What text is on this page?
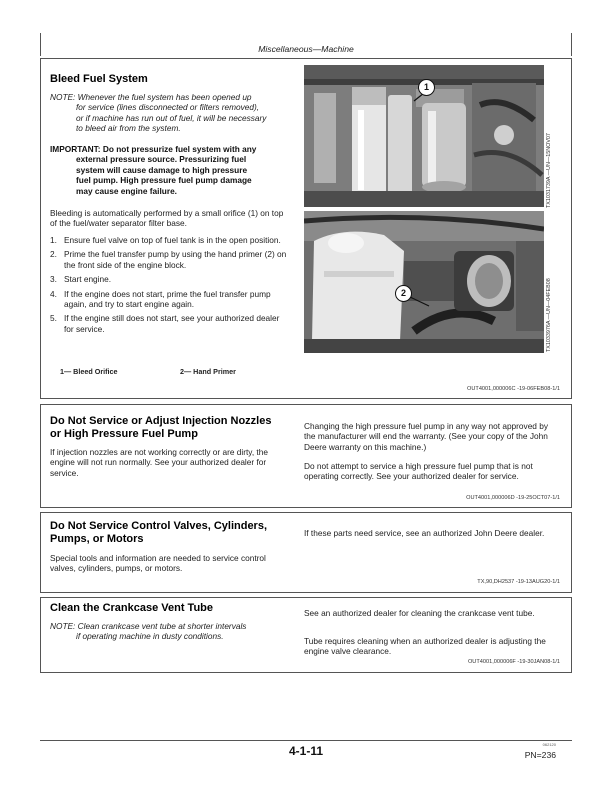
Miscellaneous—Machine
Bleed Fuel System
NOTE: Whenever the fuel system has been opened up
for service (lines disconnected or filters removed),
or if machine has run out of fuel, it will be necessary
to bleed air from the system.
IMPORTANT: Do not pressurize fuel system with any
external pressure source. Pressurizing fuel
system will cause damage to high pressure
fuel pump. High pressure fuel pump damage
may cause engine failure.
Bleeding is automatically performed by a small orifice (1) on top of the fuel/water separator filter base.
1. Ensure fuel valve on top of fuel tank is in the open position.
2. Prime the fuel transfer pump by using the hand primer (2) on the front side of the engine block.
3. Start engine.
4. If the engine does not start, prime the fuel transfer pump again, and try to start engine again.
5. If the engine still does not start, see your authorized dealer for service.
1— Bleed Orifice	2— Hand Primer
1
TX1031739A —UN—15NOV07
2	TX1033976A —UN—04FEB08
OUT4001,000006C -19-06FEB08-1/1
Do Not Service or Adjust Injection Nozzles
or High Pressure Fuel Pump
If injection nozzles are not working correctly or are dirty, the engine will not run normally. See your authorized dealer for service.
Changing the high pressure fuel pump in any way not approved by the manufacturer will end the warranty. (See your copy of the John Deere warranty on this machine.)
Do not attempt to service a high pressure fuel pump that is not operating correctly. See your authorized dealer for service.
OUT4001,000006D -19-25OCT07-1/1
Do Not Service Control Valves, Cylinders,
Pumps, or Motors
Special tools and information are needed to service control valves, cylinders, pumps, or motors.
If these parts need service, see an authorized John Deere dealer.
TX,90,DH2537 -19-13AUG20-1/1
Clean the Crankcase Vent Tube
NOTE: Clean crankcase vent tube at shorter intervals
if operating machine in dusty conditions.
See an authorized dealer for cleaning the crankcase vent tube.
Tube requires cleaning when an authorized dealer is adjusting the engine valve clearance.
OUT4001,000006F -19-30JAN08-1/1
4-1-11	062120
PN=236
